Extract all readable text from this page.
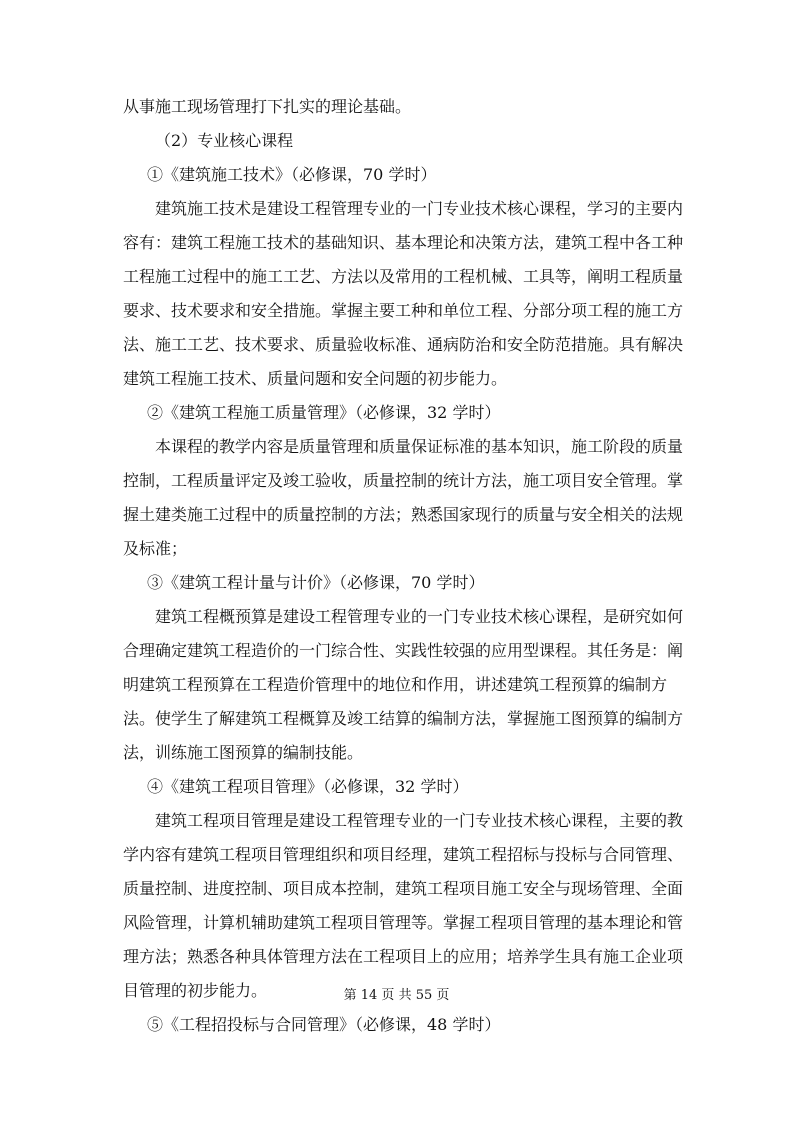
从事施工现场管理打下扎实的理论基础。
（2）专业核心课程
①《建筑施工技术》（必修课，70 学时）
建筑施工技术是建设工程管理专业的一门专业技术核心课程，学习的主要内
容有：建筑工程施工技术的基础知识、基本理论和决策方法，建筑工程中各工种
工程施工过程中的施工工艺、方法以及常用的工程机械、工具等，阐明工程质量
要求、技术要求和安全措施。掌握主要工种和单位工程、分部分项工程的施工方
法、施工工艺、技术要求、质量验收标准、通病防治和安全防范措施。具有解决
建筑工程施工技术、质量问题和安全问题的初步能力。
②《建筑工程施工质量管理》（必修课，32 学时）
本课程的教学内容是质量管理和质量保证标准的基本知识，施工阶段的质量
控制，工程质量评定及竣工验收，质量控制的统计方法，施工项目安全管理。掌
握土建类施工过程中的质量控制的方法；熟悉国家现行的质量与安全相关的法规
及标准；
③《建筑工程计量与计价》（必修课，70 学时）
建筑工程概预算是建设工程管理专业的一门专业技术核心课程，是研究如何
合理确定建筑工程造价的一门综合性、实践性较强的应用型课程。其任务是：阐
明建筑工程预算在工程造价管理中的地位和作用，讲述建筑工程预算的编制方
法。使学生了解建筑工程概算及竣工结算的编制方法，掌握施工图预算的编制方
法，训练施工图预算的编制技能。
④《建筑工程项目管理》（必修课，32 学时）
建筑工程项目管理是建设工程管理专业的一门专业技术核心课程，主要的教
学内容有建筑工程项目管理组织和项目经理，建筑工程招标与投标与合同管理、
质量控制、进度控制、项目成本控制，建筑工程项目施工安全与现场管理、全面
风险管理，计算机辅助建筑工程项目管理等。掌握工程项目管理的基本理论和管
理方法；熟悉各种具体管理方法在工程项目上的应用；培养学生具有施工企业项
目管理的初步能力。
⑤《工程招投标与合同管理》（必修课，48 学时）
第 14 页 共 55 页
